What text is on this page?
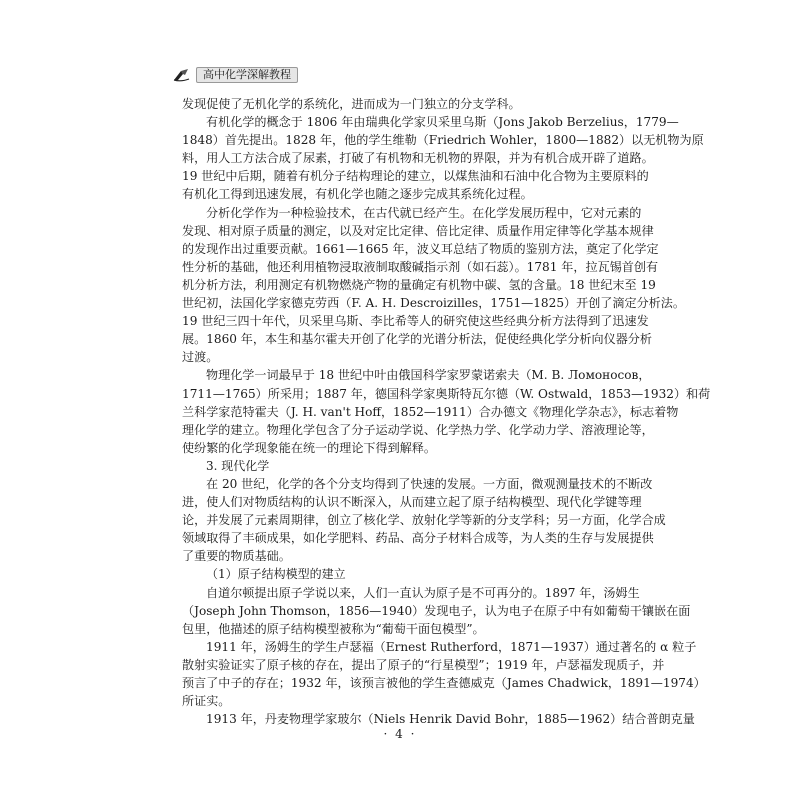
高中化学深解教程
发现促使了无机化学的系统化，进而成为一门独立的分支学科。
有机化学的概念于 1806 年由瑞典化学家贝采里乌斯（Jons Jakob Berzelius，1779—
1848）首先提出。1828 年，他的学生维勒（Friedrich Wohler，1800—1882）以无机物为原
料，用人工方法合成了尿素，打破了有机物和无机物的界限，并为有机合成开辟了道路。
19 世纪中后期，随着有机分子结构理论的建立，以煤焦油和石油中化合物为主要原料的
有机化工得到迅速发展，有机化学也随之逐步完成其系统化过程。
分析化学作为一种检验技术，在古代就已经产生。在化学发展历程中，它对元素的
发现、相对原子质量的测定，以及对定比定律、倍比定律、质量作用定律等化学基本规律
的发现作出过重要贡献。1661—1665 年，波义耳总结了物质的鉴别方法，奠定了化学定
性分析的基础，他还利用植物浸取液制取酸碱指示剂（如石蕊）。1781 年，拉瓦锡首创有
机分析方法，利用测定有机物燃烧产物的量确定有机物中碳、氢的含量。18 世纪末至 19
世纪初，法国化学家德克劳西（F. A. H. Descroizilles，1751—1825）开创了滴定分析法。
19 世纪三四十年代，贝采里乌斯、李比希等人的研究使这些经典分析方法得到了迅速发
展。1860 年，本生和基尔霍夫开创了化学的光谱分析法，促使经典化学分析向仪器分析
过渡。
物理化学一词最早于 18 世纪中叶由俄国科学家罗蒙诺索夫（M. B. Ломоносов，
1711—1765）所采用；1887 年，德国科学家奥斯特瓦尔德（W. Ostwald，1853—1932）和荷
兰科学家范特霍夫（J. H. van't Hoff，1852—1911）合办德文《物理化学杂志》，标志着物
理化学的建立。物理化学包含了分子运动学说、化学热力学、化学动力学、溶液理论等，
使纷繁的化学现象能在统一的理论下得到解释。
3. 现代化学
在 20 世纪，化学的各个分支均得到了快速的发展。一方面，微观测量技术的不断改
进，使人们对物质结构的认识不断深入，从而建立起了原子结构模型、现代化学键等理
论，并发展了元素周期律，创立了核化学、放射化学等新的分支学科；另一方面，化学合成
领域取得了丰硕成果，如化学肥料、药品、高分子材料合成等，为人类的生存与发展提供
了重要的物质基础。
（1）原子结构模型的建立
自道尔顿提出原子学说以来，人们一直认为原子是不可再分的。1897 年，汤姆生
（Joseph John Thomson，1856—1940）发现电子，认为电子在原子中有如葡萄干镶嵌在面
包里，他描述的原子结构模型被称为“葡萄干面包模型”。
1911 年，汤姆生的学生卢瑟福（Ernest Rutherford，1871—1937）通过著名的 α 粒子
散射实验证实了原子核的存在，提出了原子的“行星模型”；1919 年，卢瑟福发现质子，并
预言了中子的存在；1932 年，该预言被他的学生查德威克（James Chadwick，1891—1974）
所证实。
1913 年，丹麦物理学家玻尔（Niels Henrik David Bohr，1885—1962）结合普朗克量
· 4 ·
